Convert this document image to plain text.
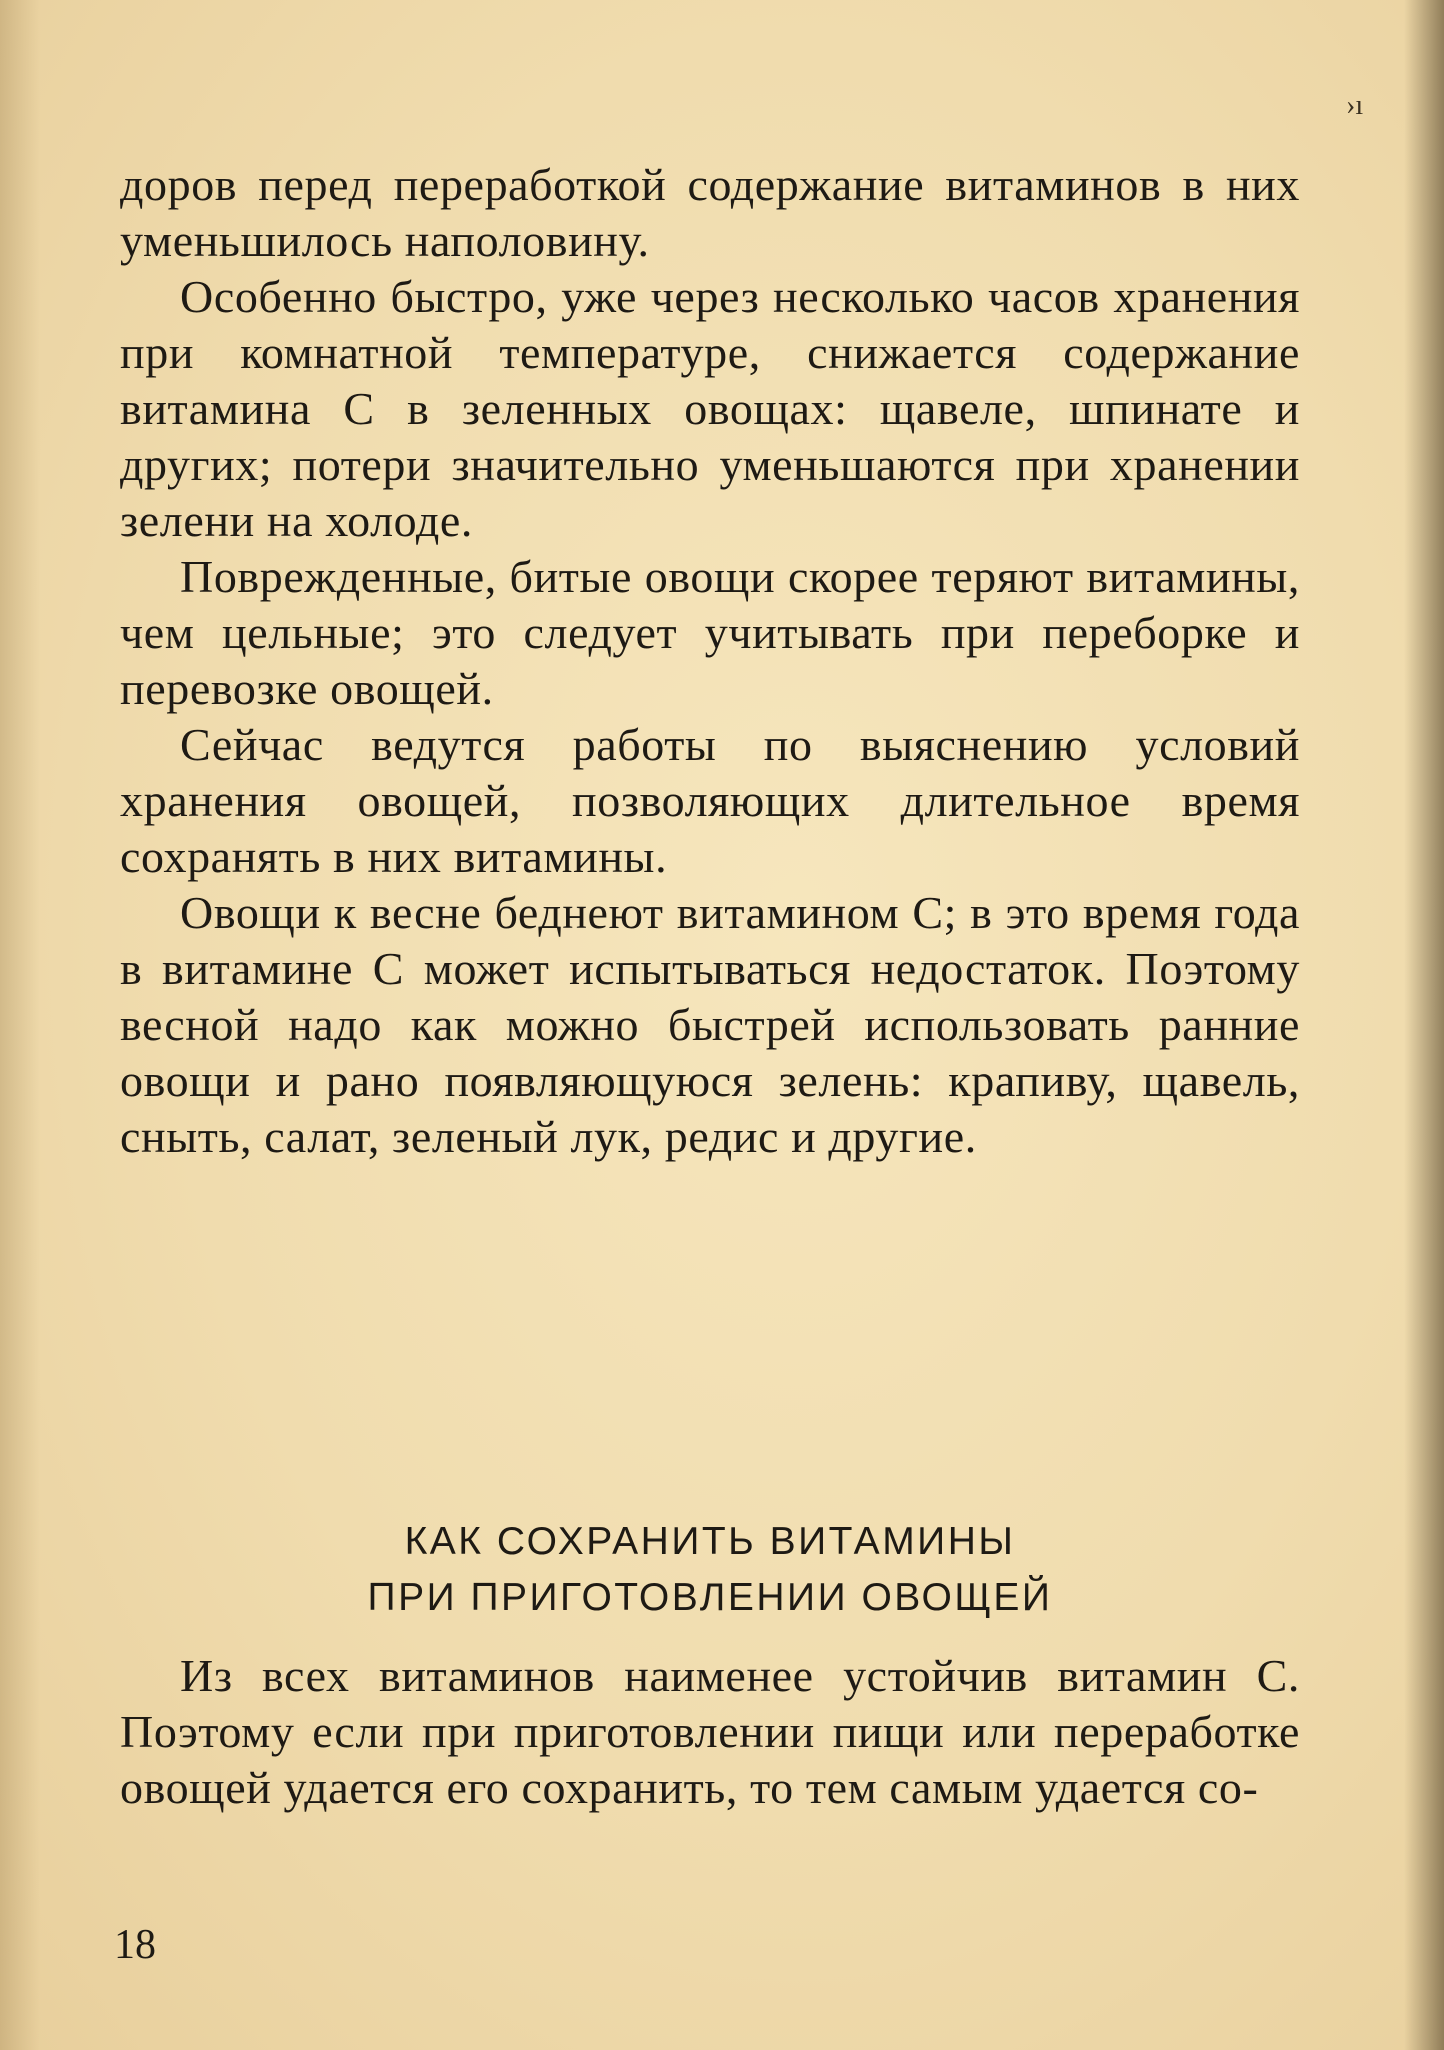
›ı

доров перед переработкой содержание витаминов в них уменьшилось наполовину.

Особенно быстро, уже через несколько часов хранения при комнатной температуре, снижается содержание витамина С в зеленных овощах: щавеле, шпинате и других; потери значительно уменьшаются при хранении зелени на холоде.

Поврежденные, битые овощи скорее теряют витамины, чем цельные; это следует учитывать при переборке и перевозке овощей.

Сейчас ведутся работы по выяснению условий хранения овощей, позволяющих длительное время сохранять в них витамины.

Овощи к весне беднеют витамином С; в это время года в витамине С может испытываться недостаток. Поэтому весной надо как можно быстрей использовать ранние овощи и рано появляющуюся зелень: крапиву, щавель, сныть, салат, зеленый лук, редис и другие.

КАК СОХРАНИТЬ ВИТАМИНЫ
ПРИ ПРИГОТОВЛЕНИИ ОВОЩЕЙ

Из всех витаминов наименее устойчив витамин С. Поэтому если при приготовлении пищи или переработке овощей удается его сохранить, то тем самым удается со-

18
